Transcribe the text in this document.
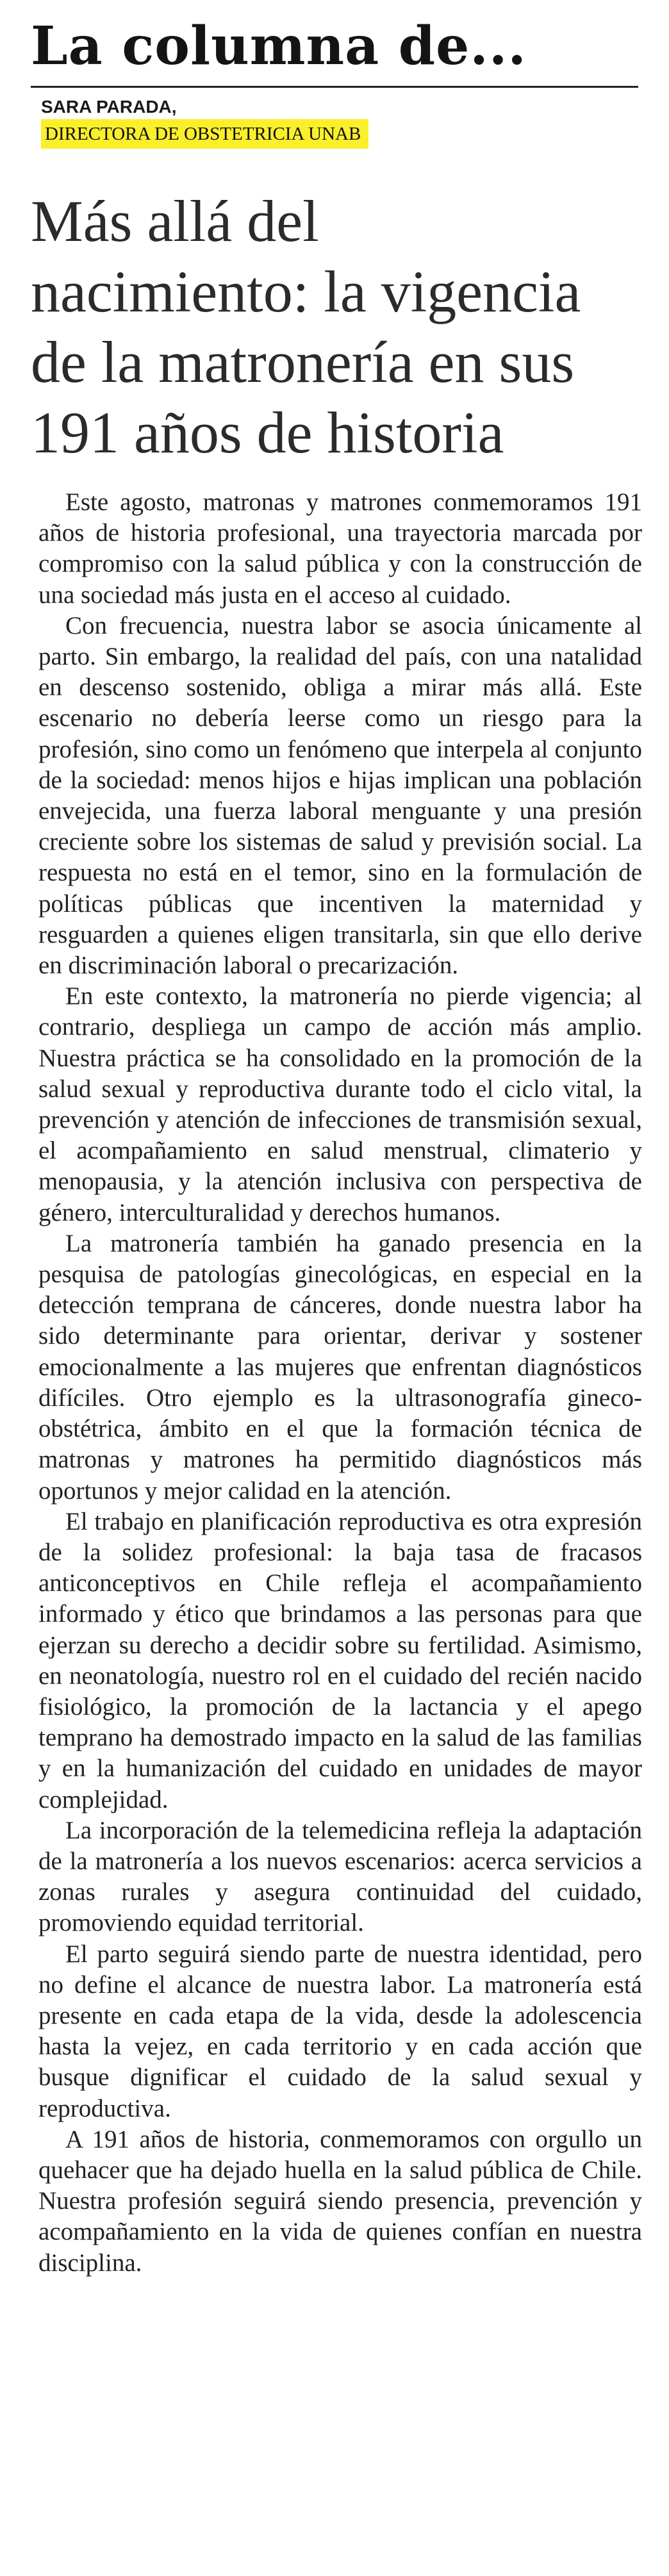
La columna de...
SARA PARADA,
DIRECTORA DE OBSTETRICIA UNAB
Más allá del
nacimiento: la vigencia
de la matronería en sus
191 años de historia

Este agosto, matronas y matrones conmemoramos 191 años de historia profesional, una trayectoria marcada por compromiso con la salud pública y con la construcción de una sociedad más justa en el acceso al cuidado.

Con frecuencia, nuestra labor se asocia únicamente al parto. Sin embargo, la realidad del país, con una natalidad en descenso sostenido, obliga a mirar más allá. Este escenario no debería leerse como un riesgo para la profesión, sino como un fenómeno que interpela al conjunto de la sociedad: menos hijos e hijas implican una población envejecida, una fuerza laboral menguante y una presión creciente sobre los sistemas de salud y previsión social. La respuesta no está en el temor, sino en la formulación de políticas públicas que incentiven la maternidad y resguarden a quienes eligen transitarla, sin que ello derive en discriminación laboral o precarización.

En este contexto, la matronería no pierde vigencia; al contrario, despliega un campo de acción más amplio. Nuestra práctica se ha consolidado en la promoción de la salud sexual y reproductiva durante todo el ciclo vital, la prevención y atención de infecciones de transmisión sexual, el acompañamiento en salud menstrual, climaterio y menopausia, y la atención inclusiva con perspectiva de género, interculturalidad y derechos humanos.

La matronería también ha ganado presencia en la pesquisa de patologías ginecológicas, en especial en la detección temprana de cánceres, donde nuestra labor ha sido determinante para orientar, derivar y sostener emocionalmente a las mujeres que enfrentan diagnósticos difíciles. Otro ejemplo es la ultrasonografía gineco-obstétrica, ámbito en el que la formación técnica de matronas y matrones ha permitido diagnósticos más oportunos y mejor calidad en la atención.

El trabajo en planificación reproductiva es otra expresión de la solidez profesional: la baja tasa de fracasos anticonceptivos en Chile refleja el acompañamiento informado y ético que brindamos a las personas para que ejerzan su derecho a decidir sobre su fertilidad. Asimismo, en neonatología, nuestro rol en el cuidado del recién nacido fisiológico, la promoción de la lactancia y el apego temprano ha demostrado impacto en la salud de las familias y en la humanización del cuidado en unidades de mayor complejidad.

La incorporación de la telemedicina refleja la adaptación de la matronería a los nuevos escenarios: acerca servicios a zonas rurales y asegura continuidad del cuidado, promoviendo equidad territorial.

El parto seguirá siendo parte de nuestra identidad, pero no define el alcance de nuestra labor. La matronería está presente en cada etapa de la vida, desde la adolescencia hasta la vejez, en cada territorio y en cada acción que busque dignificar el cuidado de la salud sexual y reproductiva.

A 191 años de historia, conmemoramos con orgullo un quehacer que ha dejado huella en la salud pública de Chile. Nuestra profesión seguirá siendo presencia, prevención y acompañamiento en la vida de quienes confían en nuestra disciplina.
